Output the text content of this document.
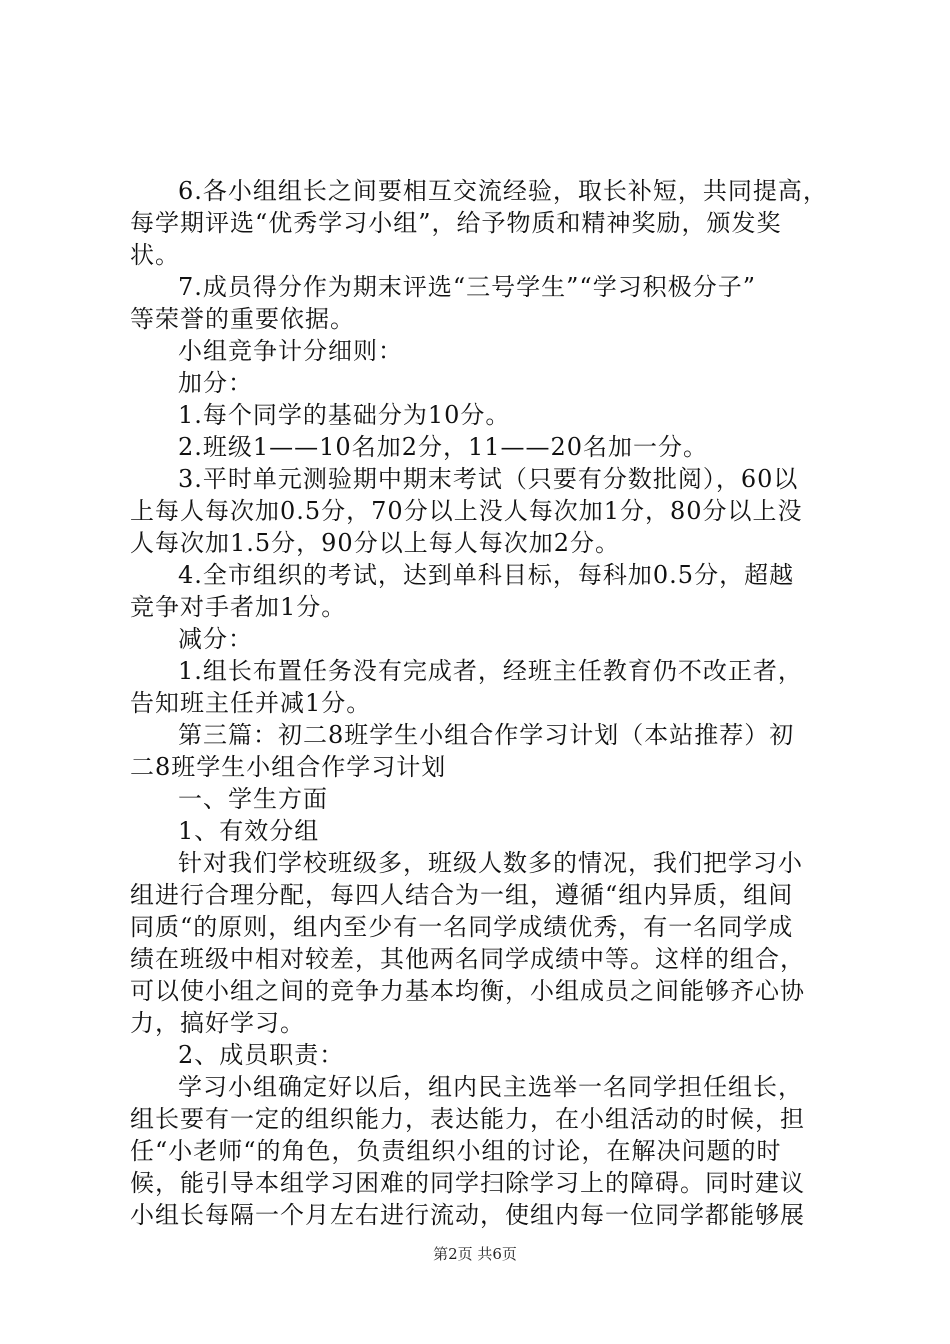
6.各小组组长之间要相互交流经验，取长补短，共同提高，
每学期评选“优秀学习小组”，给予物质和精神奖励，颁发奖
状。
7.成员得分作为期末评选“三号学生”“学习积极分子”
等荣誉的重要依据。
小组竞争计分细则：
加分：
1.每个同学的基础分为10分。
2.班级1——10名加2分，11——20名加一分。
3.平时单元测验期中期末考试（只要有分数批阅），60以
上每人每次加0.5分，70分以上没人每次加1分，80分以上没
人每次加1.5分，90分以上每人每次加2分。
4.全市组织的考试，达到单科目标，每科加0.5分，超越
竞争对手者加1分。
减分：
1.组长布置任务没有完成者，经班主任教育仍不改正者，
告知班主任并减1分。
第三篇：初二8班学生小组合作学习计划（本站推荐）初
二8班学生小组合作学习计划
一、学生方面
1、有效分组
针对我们学校班级多，班级人数多的情况，我们把学习小
组进行合理分配，每四人结合为一组，遵循“组内异质，组间
同质“的原则，组内至少有一名同学成绩优秀，有一名同学成
绩在班级中相对较差，其他两名同学成绩中等。这样的组合，
可以使小组之间的竞争力基本均衡，小组成员之间能够齐心协
力，搞好学习。
2、成员职责：
学习小组确定好以后，组内民主选举一名同学担任组长，
组长要有一定的组织能力，表达能力，在小组活动的时候，担
任“小老师“的角色，负责组织小组的讨论，在解决问题的时
候，能引导本组学习困难的同学扫除学习上的障碍。同时建议
小组长每隔一个月左右进行流动，使组内每一位同学都能够展
第2页 共6页
